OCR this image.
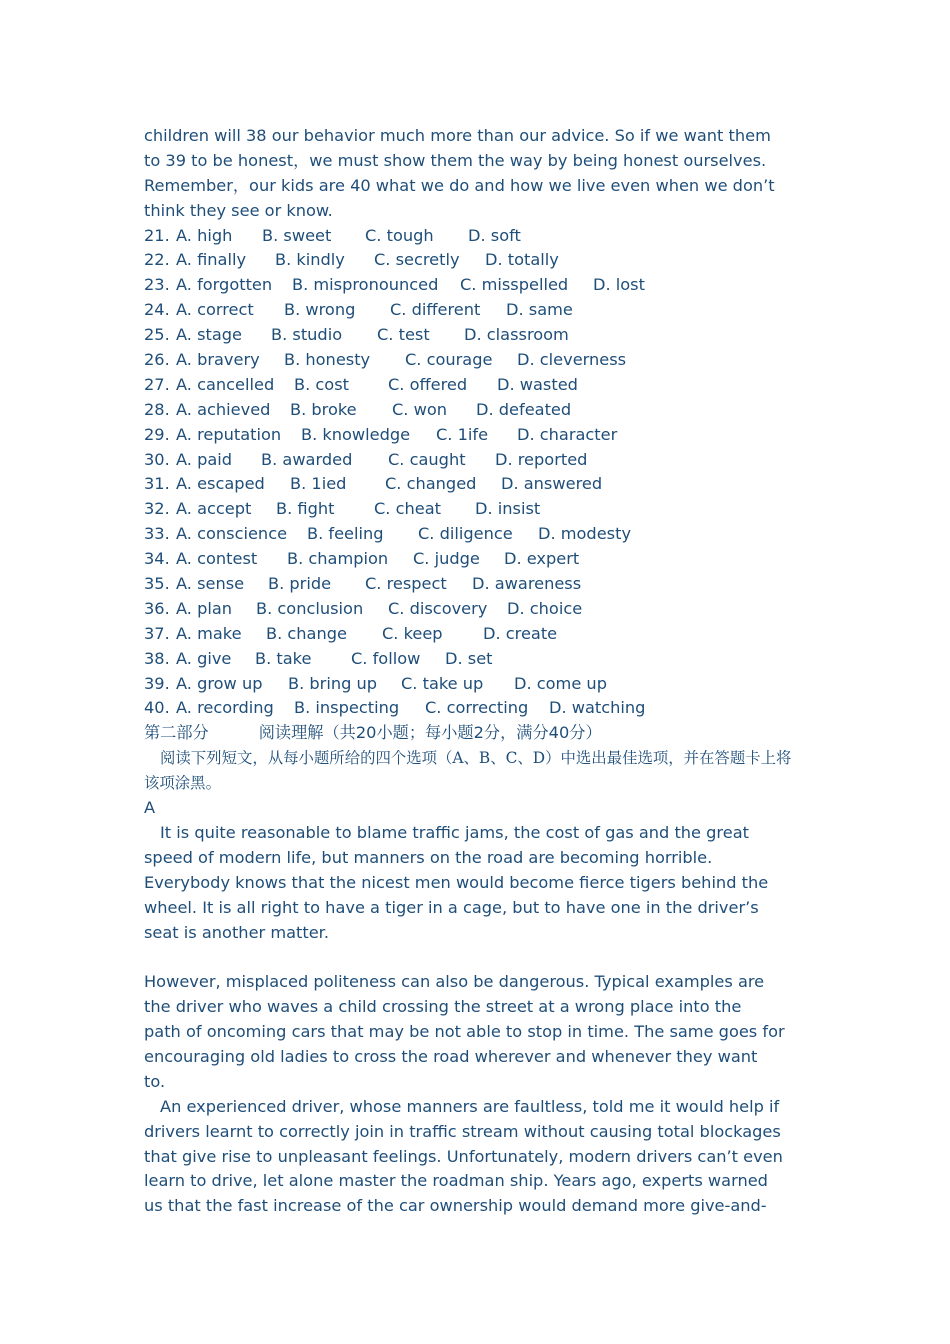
children will 38 our behavior much more than our advice. So if we want them
to 39 to be honest，we must show them the way by being honest ourselves.
Remember，our kids are 40 what we do and how we live even when we don’t
think they see or know.
21. A. high B. sweet C. tough D. soft
22. A. finally B. kindly C. secretly D. totally
23. A. forgotten B. mispronounced C. misspelled D. lost
24. A. correct B. wrong C. different D. same
25. A. stage B. studio C. test D. classroom
26. A. bravery B. honesty C. courage D. cleverness
27. A. cancelled B. cost C. offered D. wasted
28. A. achieved B. broke C. won D. defeated
29. A. reputation B. knowledge C. 1ife D. character
30. A. paid B. awarded C. caught D. reported
31. A. escaped B. 1ied C. changed D. answered
32. A. accept B. fight C. cheat D. insist
33. A. conscience B. feeling C. diligence D. modesty
34. A. contest B. champion C. judge D. expert
35. A. sense B. pride C. respect D. awareness
36. A. plan B. conclusion C. discovery D. choice
37. A. make B. change C. keep D. create
38. A. give B. take C. follow D. set
39. A. grow up B. bring up C. take up D. come up
40. A. recording B. inspecting C. correcting D. watching
第二部分	阅读理解（共20小题；每小题2分，满分40分）
阅读下列短文，从每小题所给的四个选项（A、B、C、D）中选出最佳选项，并在答题卡上将
该项涂黑。
A
It is quite reasonable to blame traffic jams, the cost of gas and the great
speed of modern life, but manners on the road are becoming horrible.
Everybody knows that the nicest men would become fierce tigers behind the
wheel. It is all right to have a tiger in a cage, but to have one in the driver’s
seat is another matter.
However, misplaced politeness can also be dangerous. Typical examples are
the driver who waves a child crossing the street at a wrong place into the
path of oncoming cars that may be not able to stop in time. The same goes for
encouraging old ladies to cross the road wherever and whenever they want
to.
An experienced driver, whose manners are faultless, told me it would help if
drivers learnt to correctly join in traffic stream without causing total blockages
that give rise to unpleasant feelings. Unfortunately, modern drivers can’t even
learn to drive, let alone master the roadman ship. Years ago, experts warned
us that the fast increase of the car ownership would demand more give-and-
